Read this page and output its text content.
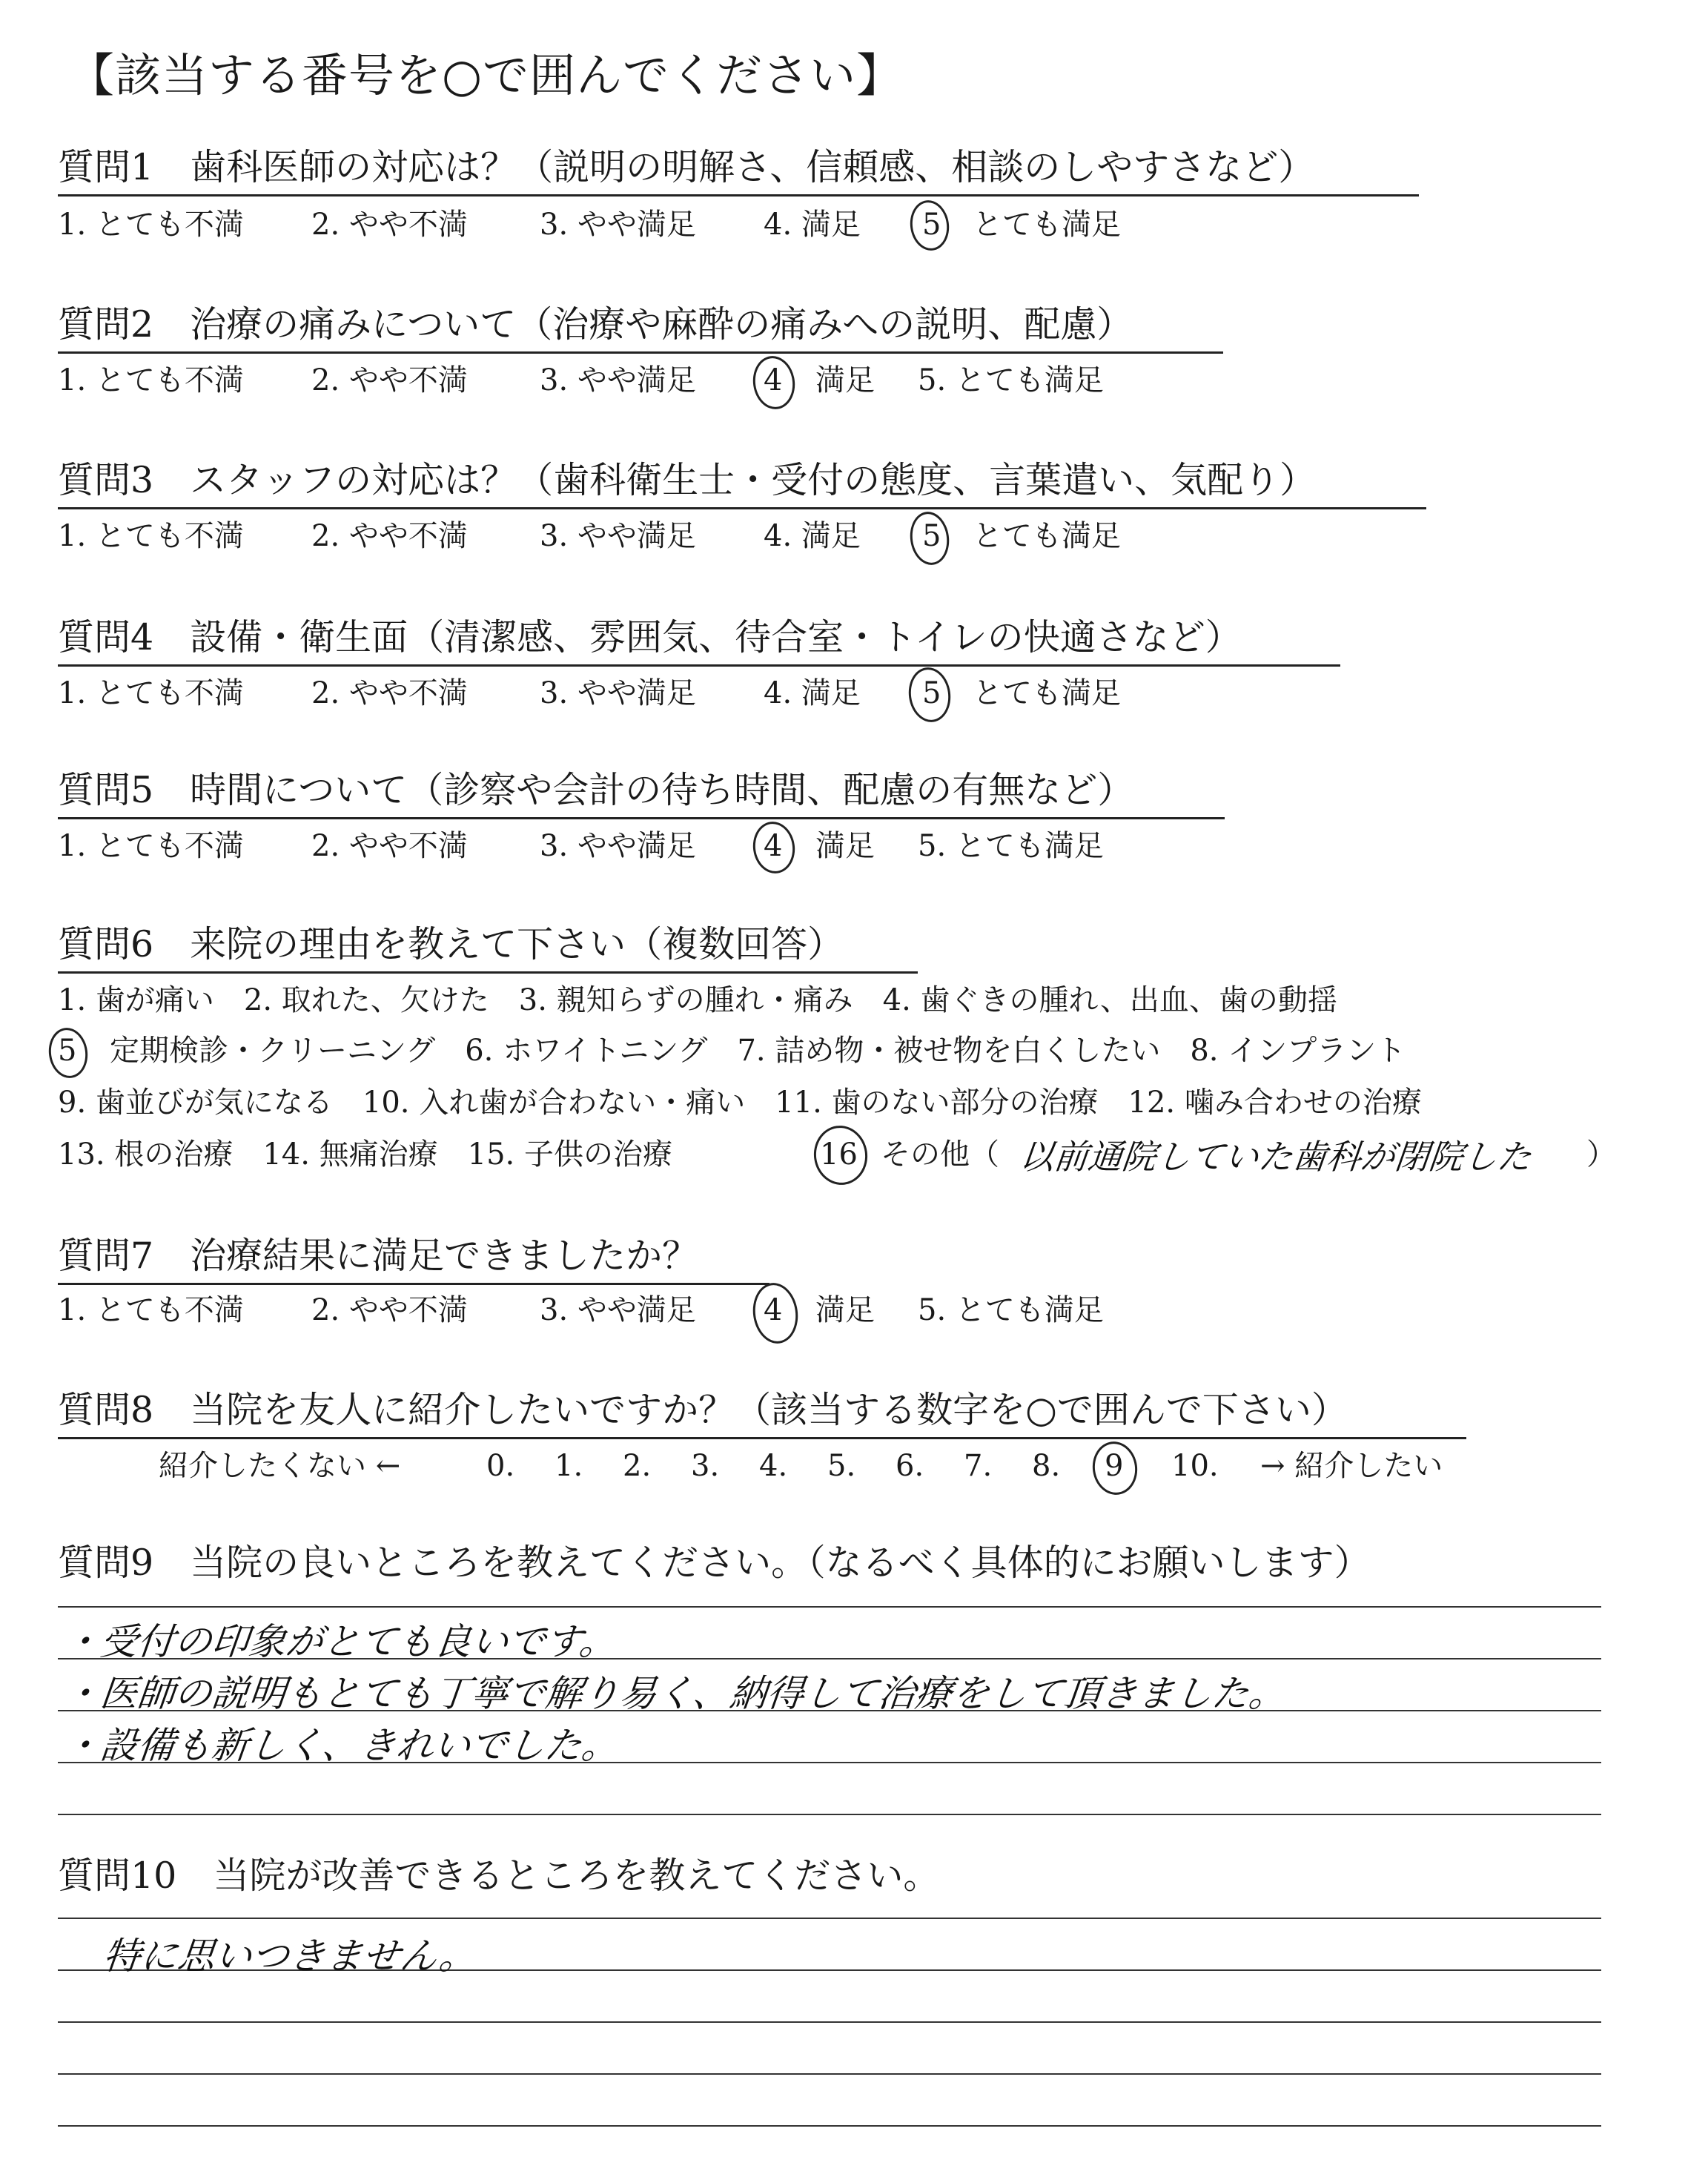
【該当する番号を○で囲んでください】
質問1　歯科医師の対応は？（説明の明解さ、信頼感、相談のしやすさなど）
1. とても不満 2. やや不満 3. やや満足 4. 満足 5 とても満足
質問2　治療の痛みについて（治療や麻酔の痛みへの説明、配慮）
1. とても不満 2. やや不満 3. やや満足 4 満足 5. とても満足
質問3　スタッフの対応は？（歯科衛生士・受付の態度、言葉遣い、気配り）
1. とても不満 2. やや不満 3. やや満足 4. 満足 5 とても満足
質問4　設備・衛生面（清潔感、雰囲気、待合室・トイレの快適さなど）
1. とても不満 2. やや不満 3. やや満足 4. 満足 5 とても満足
質問5　時間について（診察や会計の待ち時間、配慮の有無など）
1. とても不満 2. やや不満 3. やや満足 4 満足 5. とても満足
質問6　来院の理由を教えて下さい（複数回答）
1. 歯が痛い　2. 取れた、欠けた　3. 親知らずの腫れ・痛み　4. 歯ぐきの腫れ、出血、歯の動揺
5 定期検診・クリーニング　6. ホワイトニング　7. 詰め物・被せ物を白くしたい　8. インプラント
9. 歯並びが気になる　10. 入れ歯が合わない・痛い　11. 歯のない部分の治療　12. 噛み合わせの治療
13. 根の治療　14. 無痛治療　15. 子供の治療	16 その他（	）
以前通院していた歯科が閉院した
質問7　治療結果に満足できましたか？
1. とても不満 2. やや不満 3. やや満足 4 満足 5. とても満足
質問8　当院を友人に紹介したいですか？（該当する数字を○で囲んで下さい）
紹介したくない ←	0. 1. 2. 3. 4. 5. 6. 7. 8. 9 10. → 紹介したい
質問9　当院の良いところを教えてください。（なるべく具体的にお願いします）
・受付の印象がとても良いです。
・医師の説明もとても丁寧で解り易く、納得して治療をして頂きました。
・設備も新しく、きれいでした。
質問10　当院が改善できるところを教えてください。
特に思いつきません。
